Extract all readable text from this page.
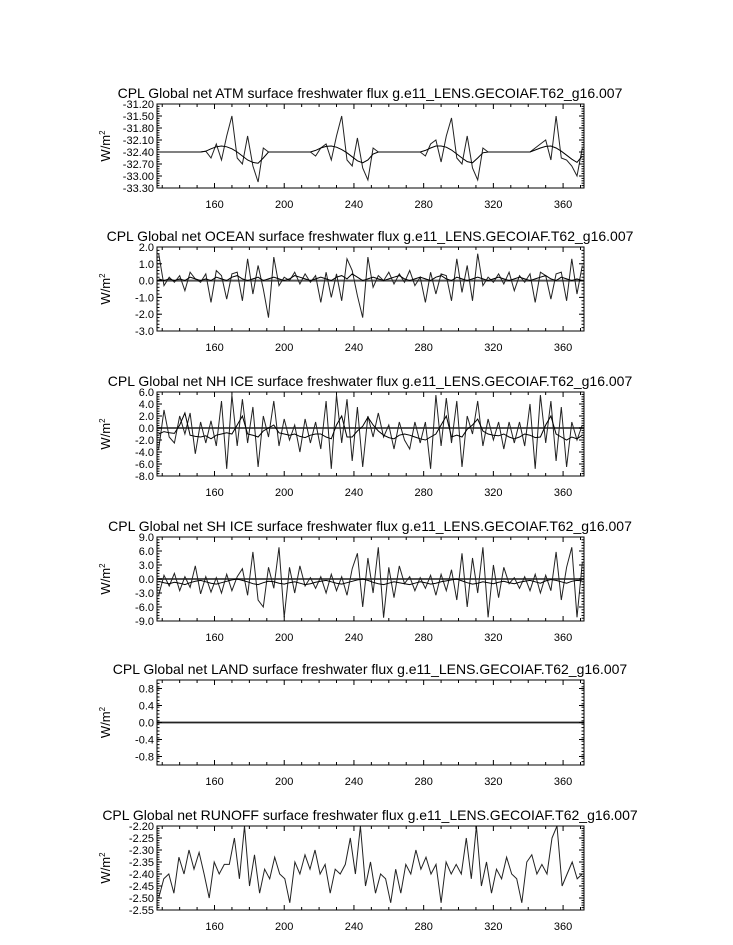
CPL Global net ATM surface freshwater flux g.e11_LENS.GECOIAF.T62_g16.007
$W/m^2$
160	200	240	280	320	360
-33.30
-33.00
-32.70
-32.40
-32.10
-31.80
-31.50
-31.20
CPL Global net OCEAN surface freshwater flux g.e11_LENS.GECOIAF.T62_g16.007
$W/m^2$
160	200	240	280	320	360
-3.0
-2.0
-1.0
0.0
1.0
2.0
CPL Global net NH ICE surface freshwater flux g.e11_LENS.GECOIAF.T62_g16.007
$W/m^2$
160	200	240	280	320	360
-8.0
-6.0
-4.0
-2.0
0.0
2.0
4.0
6.0
CPL Global net SH ICE surface freshwater flux g.e11_LENS.GECOIAF.T62_g16.007
$W/m^2$
160	200	240	280	320	360
-9.0
-6.0
-3.0
0.0
3.0
6.0
9.0
CPL Global net LAND surface freshwater flux g.e11_LENS.GECOIAF.T62_g16.007
$W/m^2$
160	200	240	280	320	360
-0.8
-0.4
0.0
0.4
0.8
CPL Global net RUNOFF surface freshwater flux g.e11_LENS.GECOIAF.T62_g16.007
$W/m^2$
160	200	240	280	320	360
-2.55
-2.50
-2.45
-2.40
-2.35
-2.30
-2.25
-2.20
